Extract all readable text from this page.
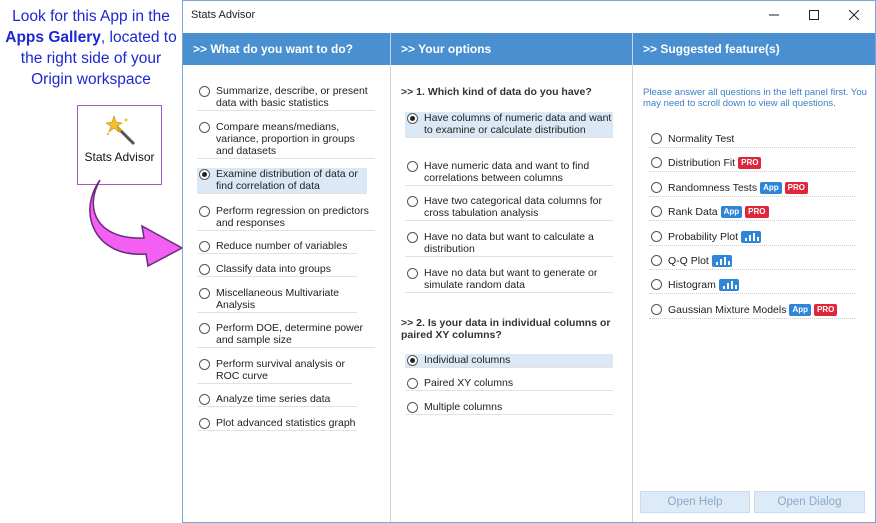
Look for this App in the Apps Gallery, located to the right side of your Origin workspace
Stats Advisor
Stats Advisor
>> What do you want to do?
Summarize, describe, or present data with basic statistics
Compare means/medians, variance, proportion in groups and datasets
Examine distribution of data or find correlation of data
Perform regression on predictors and responses
Reduce number of variables
Classify data into groups
Miscellaneous Multivariate Analysis
Perform DOE, determine power and sample size
Perform survival analysis or ROC curve
Analyze time series data
Plot advanced statistics graph
>> Your options
>> 1. Which kind of data do you have?
Have columns of numeric data and want to examine or calculate distribution
Have numeric data and want to find correlations between columns
Have two categorical data columns for cross tabulation analysis
Have no data but want to calculate a distribution
Have no data but want to generate or simulate random data
>> 2. Is your data in individual columns or paired XY columns?
Individual columns
Paired XY columns
Multiple columns
>> Suggested feature(s)
Please answer all questions in the left panel first. You may need to scroll down to view all questions.
Normality Test
Distribution Fit PRO
Randomness Tests App	PRO
Rank Data App	PRO
Probability Plot
Q-Q Plot
Histogram
Gaussian Mixture Models App	PRO
Open Help	Open Dialog
